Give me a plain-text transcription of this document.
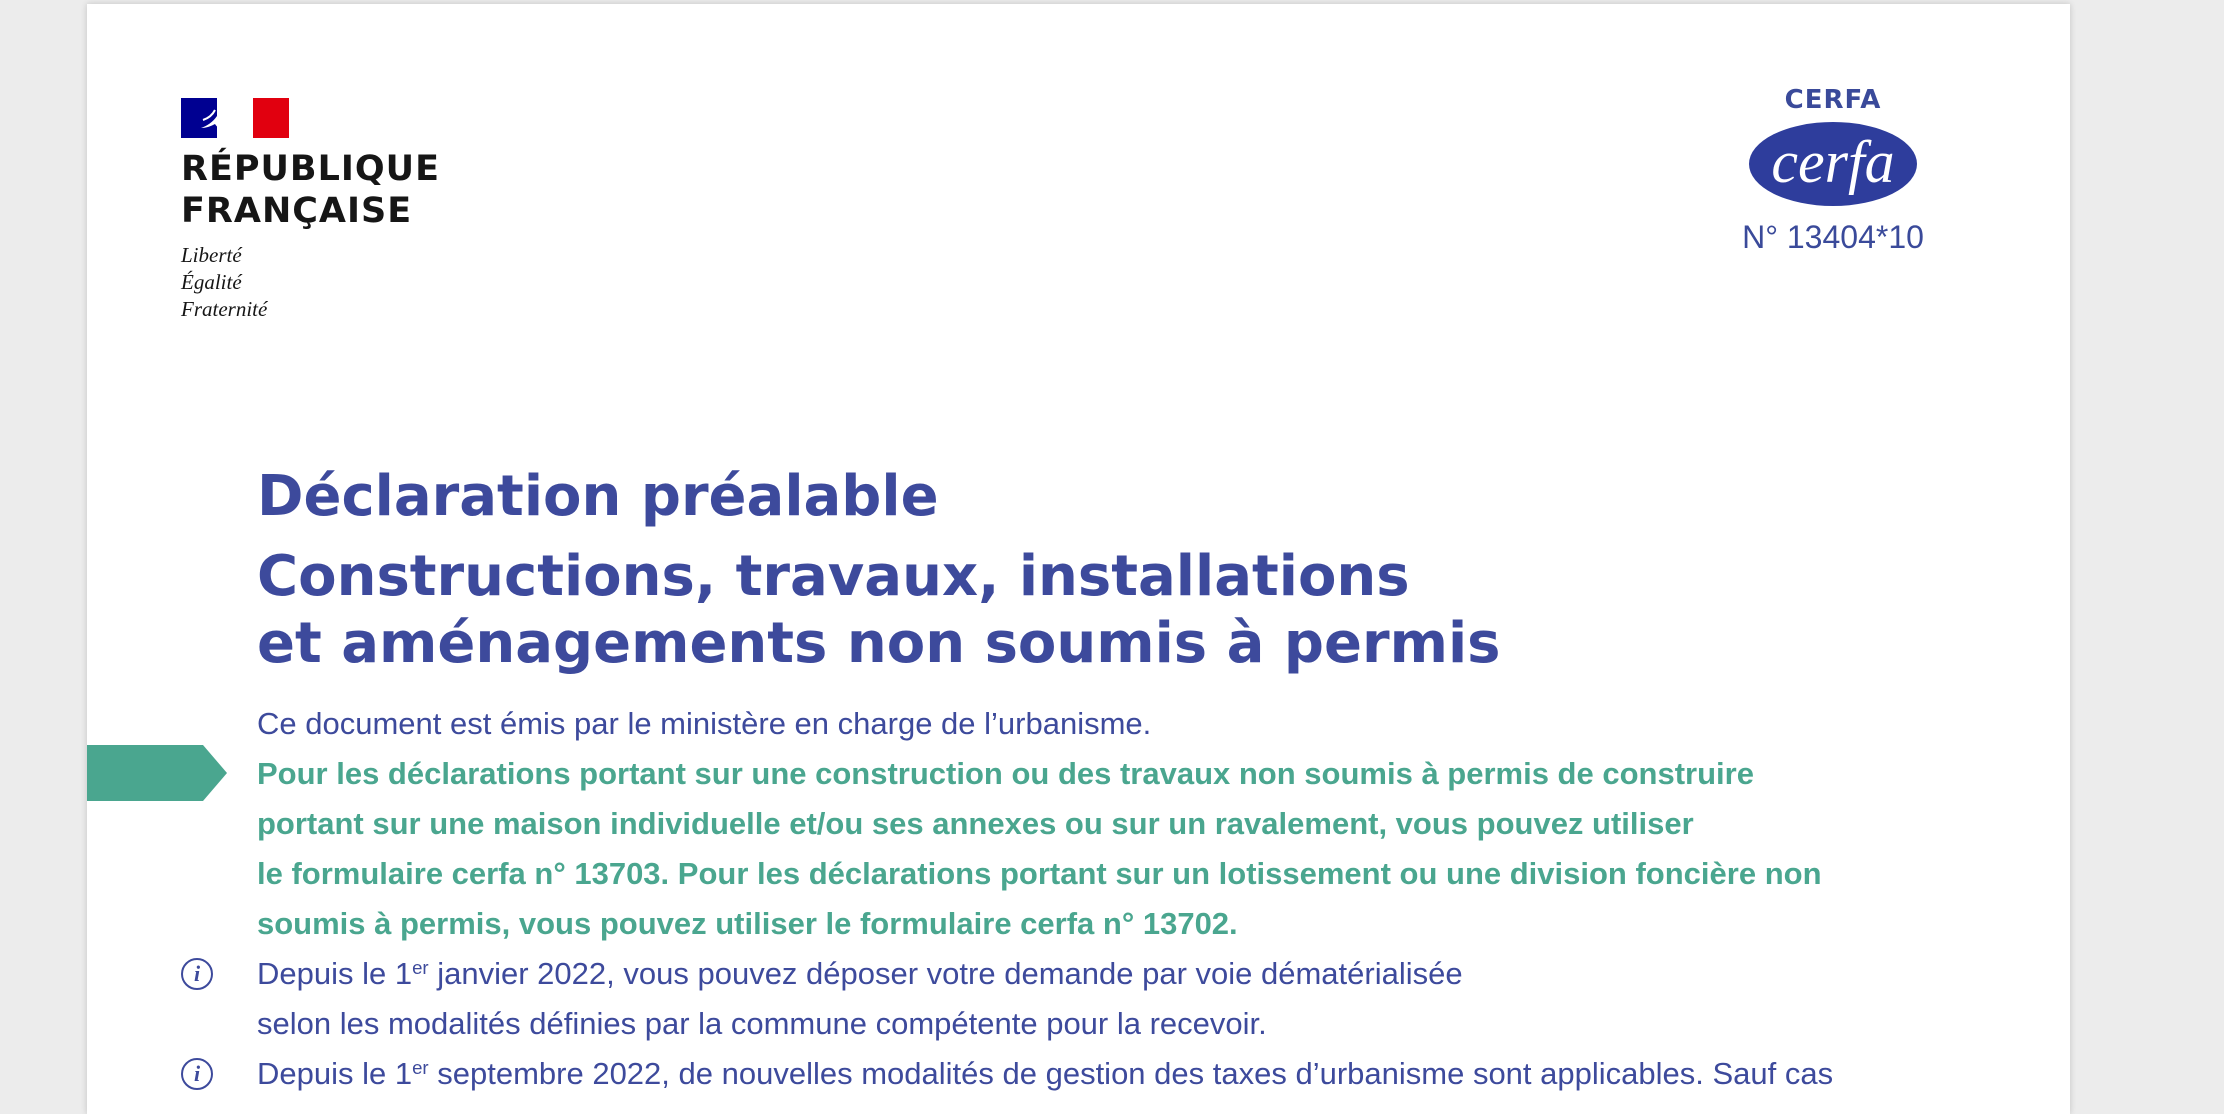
RÉPUBLIQUE
FRANÇAISE
Liberté
Égalité
Fraternité
CERFA
cerfa
N° 13404*10
Déclaration préalable
Constructions, travaux, installations
et aménagements non soumis à permis

Ce document est émis par le ministère en charge de l’urbanisme.

Pour les déclarations portant sur une construction ou des travaux non soumis à permis de construire

portant sur une maison individuelle et/ou ses annexes ou sur un ravalement, vous pouvez utiliser

le formulaire cerfa n° 13703. Pour les déclarations portant sur un lotissement ou une division foncière non

soumis à permis, vous pouvez utiliser le formulaire cerfa n° 13702.

i	Depuis le 1er janvier 2022, vous pouvez déposer votre demande par voie dématérialisée

selon les modalités définies par la commune compétente pour la recevoir.

i	Depuis le 1er septembre 2022, de nouvelles modalités de gestion des taxes d’urbanisme sont applicables. Sauf cas
